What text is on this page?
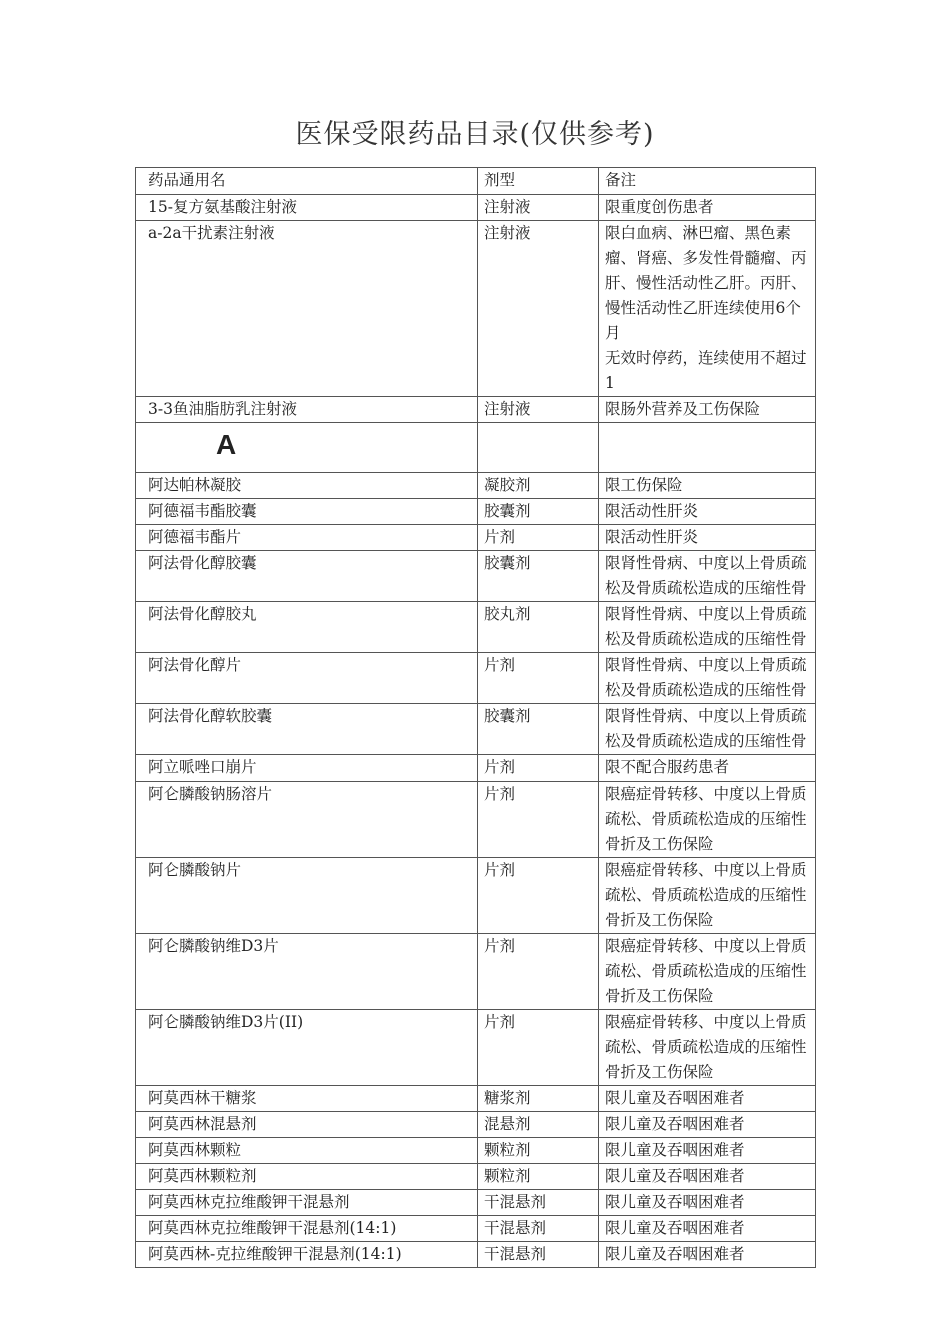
医保受限药品目录(仅供参考)
药品通用名	剂型	备注
15-复方氨基酸注射液	注射液	限重度创伤患者
a-2a干扰素注射液	注射液	限白血病、淋巴瘤、黑色素
瘤、肾癌、多发性骨髓瘤、丙
肝、慢性活动性乙肝。丙肝、
慢性活动性乙肝连续使用6个月
无效时停药，连续使用不超过1
3-3鱼油脂肪乳注射液	注射液	限肠外营养及工伤保险
A		
阿达帕林凝胶	凝胶剂	限工伤保险
阿德福韦酯胶囊	胶囊剂	限活动性肝炎
阿德福韦酯片	片剂	限活动性肝炎
阿法骨化醇胶囊	胶囊剂	限肾性骨病、中度以上骨质疏
松及骨质疏松造成的压缩性骨
阿法骨化醇胶丸	胶丸剂	限肾性骨病、中度以上骨质疏
松及骨质疏松造成的压缩性骨
阿法骨化醇片	片剂	限肾性骨病、中度以上骨质疏
松及骨质疏松造成的压缩性骨
阿法骨化醇软胶囊	胶囊剂	限肾性骨病、中度以上骨质疏
松及骨质疏松造成的压缩性骨
阿立哌唑口崩片	片剂	限不配合服药患者
阿仑膦酸钠肠溶片	片剂	限癌症骨转移、中度以上骨质
疏松、骨质疏松造成的压缩性
骨折及工伤保险
阿仑膦酸钠片	片剂	限癌症骨转移、中度以上骨质
疏松、骨质疏松造成的压缩性
骨折及工伤保险
阿仑膦酸钠维D3片	片剂	限癌症骨转移、中度以上骨质
疏松、骨质疏松造成的压缩性
骨折及工伤保险
阿仑膦酸钠维D3片(II)	片剂	限癌症骨转移、中度以上骨质
疏松、骨质疏松造成的压缩性
骨折及工伤保险
阿莫西林干糖浆	糖浆剂	限儿童及吞咽困难者
阿莫西林混悬剂	混悬剂	限儿童及吞咽困难者
阿莫西林颗粒	颗粒剂	限儿童及吞咽困难者
阿莫西林颗粒剂	颗粒剂	限儿童及吞咽困难者
阿莫西林克拉维酸钾干混悬剂	干混悬剂	限儿童及吞咽困难者
阿莫西林克拉维酸钾干混悬剂(14:1)	干混悬剂	限儿童及吞咽困难者
阿莫西林-克拉维酸钾干混悬剂(14:1)	干混悬剂	限儿童及吞咽困难者
